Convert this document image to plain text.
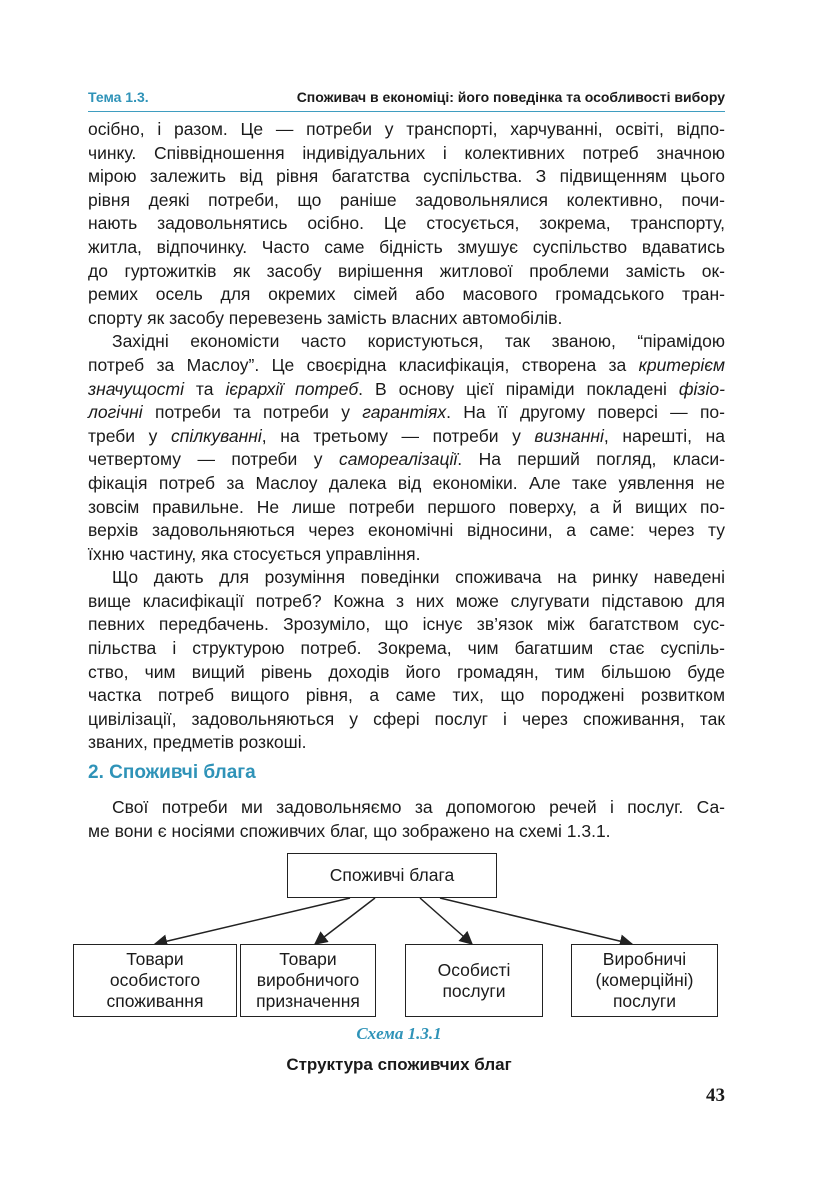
Тема 1.3.	Споживач в економіці: його поведінка та особливості вибору

осібно, і разом. Це — потреби у транспорті, харчуванні, освіті, відпо-

чинку. Співвідношення індивідуальних і колективних потреб значною

мірою залежить від рівня багатства суспільства. З підвищенням цього

рівня деякі потреби, що раніше задовольнялися колективно, почи-

нають задовольнятись осібно. Це стосується, зокрема, транспорту,

житла, відпочинку. Часто саме бідність змушує суспільство вдаватись

до гуртожитків як засобу вирішення житлової проблеми замість ок-

ремих осель для окремих сімей або масового громадського тран-

спорту як засобу перевезень замість власних автомобілів.

Західні економісти часто користуються, так званою, “пірамідою

потреб за Маслоу”. Це своєрідна класифікація, створена за критерієм

значущості та ієрархії потреб. В основу цієї піраміди покладені фізіо-

логічні потреби та потреби у гарантіях. На її другому поверсі — по-

треби у спілкуванні, на третьому — потреби у визнанні, нарешті, на

четвертому — потреби у самореалізації. На перший погляд, класи-

фікація потреб за Маслоу далека від економіки. Але таке уявлення не

зовсім правильне. Не лише потреби першого поверху, а й вищих по-

верхів задовольняються через економічні відносини, а саме: через ту

їхню частину, яка стосується управління.

Що дають для розуміння поведінки споживача на ринку наведені

вище класифікації потреб? Кожна з них може слугувати підставою для

певних передбачень. Зрозуміло, що існує зв’язок між багатством сус-

пільства і структурою потреб. Зокрема, чим багатшим стає суспіль-

ство, чим вищий рівень доходів його громадян, тим більшою буде

частка потреб вищого рівня, а саме тих, що породжені розвитком

цивілізації, задовольняються у сфері послуг і через споживання, так

званих, предметів розкоші.

2. Споживчі блага

Свої потреби ми задовольняємо за допомогою речей і послуг. Са-

ме вони є носіями споживчих благ, що зображено на схемі 1.3.1.

Споживчі блага
Товари
особистого
споживання
Товари
виробничого
призначення
Особисті
послуги
Виробничі
(комерційні)
послуги
Схема 1.3.1
Структура споживчих благ
43
